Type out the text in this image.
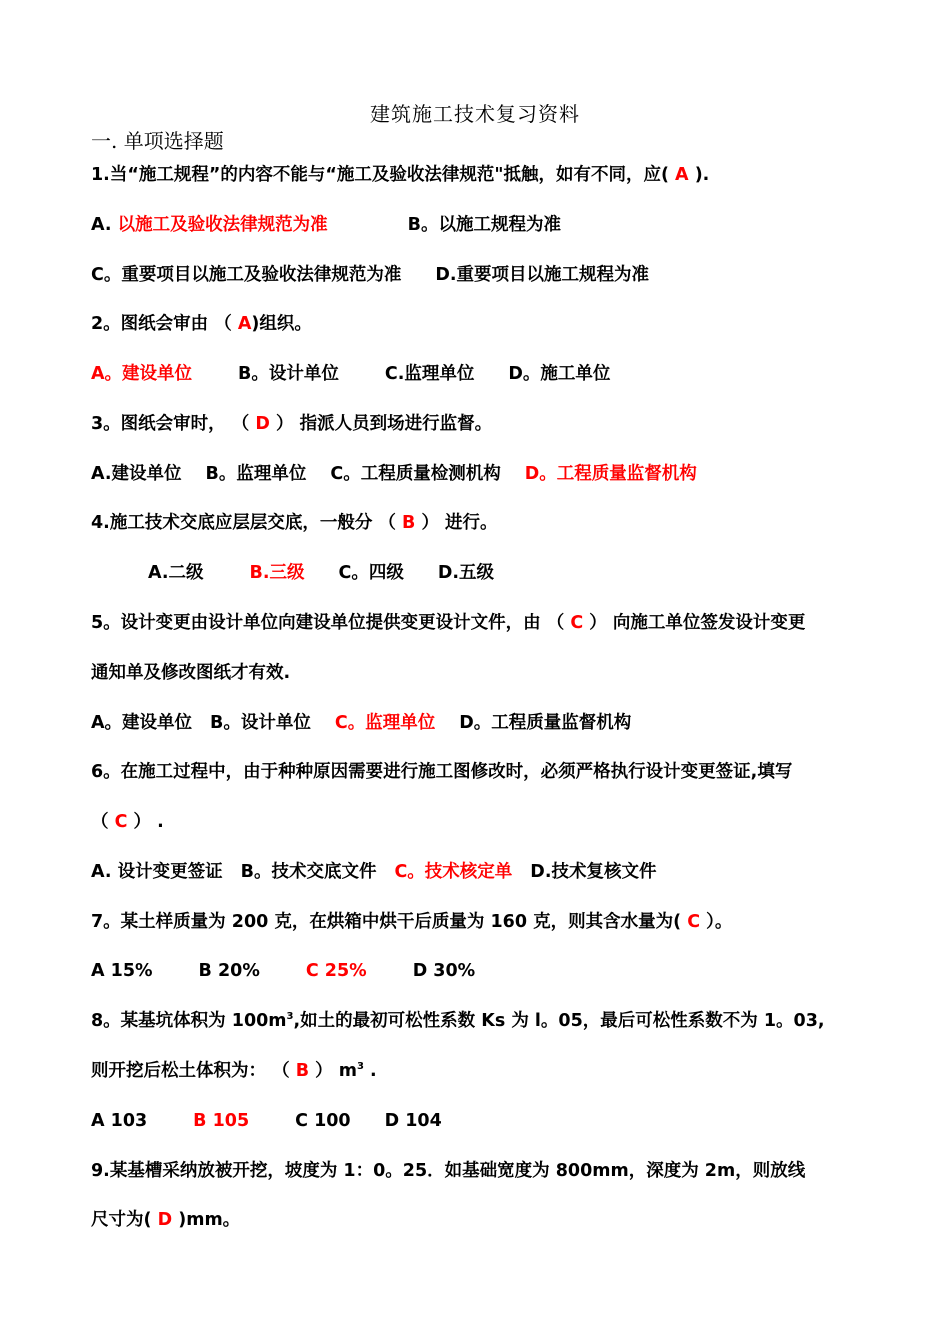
建筑施工技术复习资料
一. 单项选择题
1.当“施工规程”的内容不能与“施工及验收法律规范"抵触，如有不同，应( A ).
A. 以施工及验收法律规范为准	B。以施工规程为准
C。重要项目以施工及验收法律规范为准 D.重要项目以施工规程为准
2。图纸会审由 （ A)组织。
A。建设单位	B。设计单位	C.监理单位 D。施工单位
3。图纸会审时， （ D ） 指派人员到场进行监督。
A.建设单位 B。监理单位 C。工程质量检测机构 D。工程质量监督机构
4.施工技术交底应层层交底，一般分 （ B ） 进行。
A.二级	B.三级 C。四级 D.五级
5。设计变更由设计单位向建设单位提供变更设计文件，由 （ C ） 向施工单位签发设计变更
通知单及修改图纸才有效.
A。建设单位 B。设计单位 C。监理单位 D。工程质量监督机构
6。在施工过程中，由于种种原因需要进行施工图修改时，必须严格执行设计变更签证,填写
（ C ） .
A. 设计变更签证 B。技术交底文件 C。技术核定单 D.技术复核文件
7。某土样质量为 200 克，在烘箱中烘干后质量为 160 克，则其含水量为( C ）。
A 15%	B 20%	C 25%	D 30%
8。某基坑体积为 $100m^3$,如土的最初可松性系数 Ks 为 l。05，最后可松性系数不为 1。03,
则开挖后松土体积为： （ B ） $m^3$ .
A 103	B 105	C 100 D 104
9.某基槽采纳放被开挖，坡度为 1：0。25．如基础宽度为 800mm，深度为 2m，则放线
尺寸为( D )mm。
